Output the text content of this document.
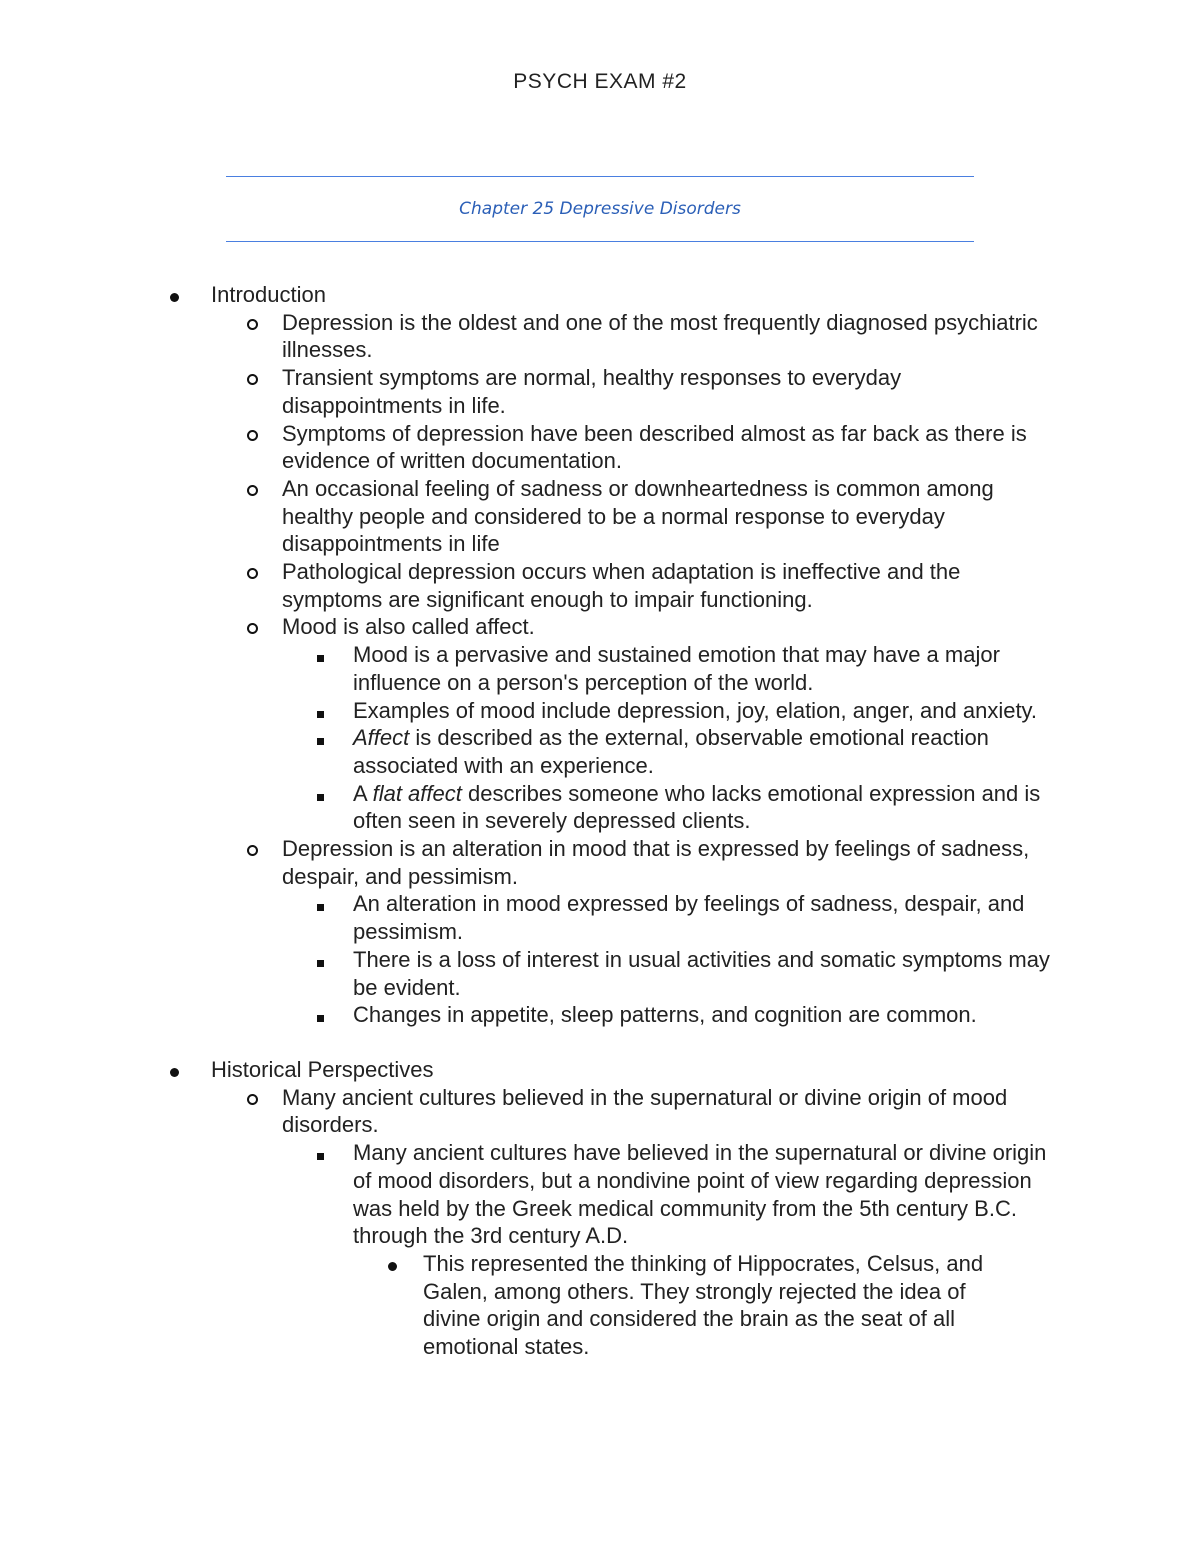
PSYCH EXAM #2
Chapter 25 Depressive Disorders
Introduction
Depression is the oldest and one of the most frequently diagnosed psychiatric illnesses.
Transient symptoms are normal, healthy responses to everyday disappointments in life.
Symptoms of depression have been described almost as far back as there is evidence of written documentation.
An occasional feeling of sadness or downheartedness is common among healthy people and considered to be a normal response to everyday disappointments in life
Pathological depression occurs when adaptation is ineffective and the symptoms are significant enough to impair functioning.
Mood is also called affect.
Mood is a pervasive and sustained emotion that may have a major influence on a person's perception of the world.
Examples of mood include depression, joy, elation, anger, and anxiety.
Affect is described as the external, observable emotional reaction associated with an experience.
A flat affect describes someone who lacks emotional expression and is often seen in severely depressed clients.
Depression is an alteration in mood that is expressed by feelings of sadness, despair, and pessimism.
An alteration in mood expressed by feelings of sadness, despair, and pessimism.
There is a loss of interest in usual activities and somatic symptoms may be evident.
Changes in appetite, sleep patterns, and cognition are common.
Historical Perspectives
Many ancient cultures believed in the supernatural or divine origin of mood disorders.
Many ancient cultures have believed in the supernatural or divine origin of mood disorders, but a nondivine point of view regarding depression was held by the Greek medical community from the 5th century B.C. through the 3rd century A.D.
This represented the thinking of Hippocrates, Celsus, and Galen, among others. They strongly rejected the idea of divine origin and considered the brain as the seat of all emotional states.
